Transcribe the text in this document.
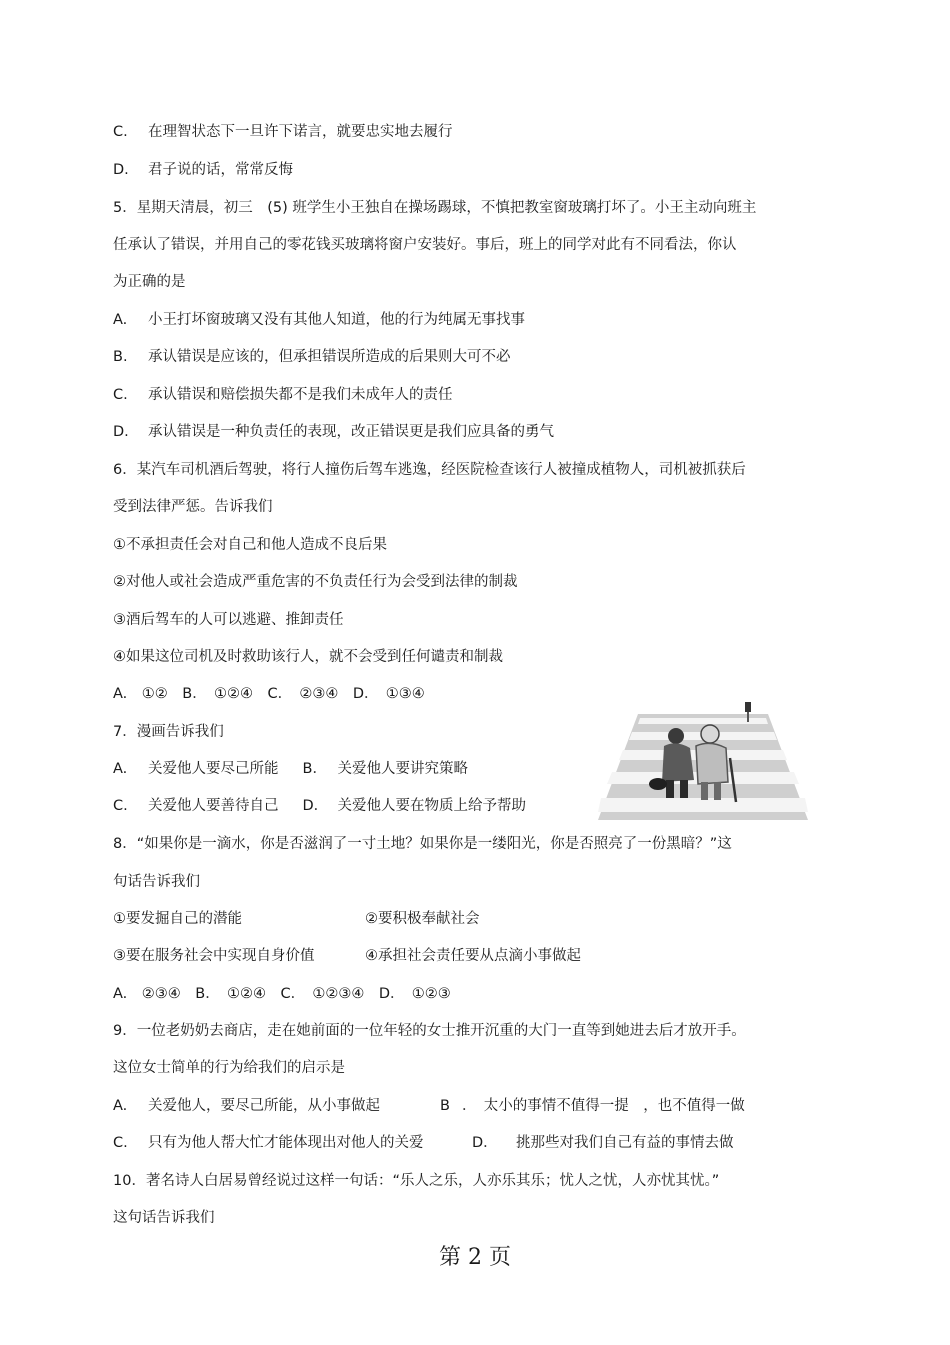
C. 在理智状态下一旦许下诺言，就要忠实地去履行
D. 君子说的话，常常反悔
5．星期天清晨，初三　(5) 班学生小王独自在操场踢球，不慎把教室窗玻璃打坏了。小王主动向班主
任承认了错误，并用自己的零花钱买玻璃将窗户安装好。事后，班上的同学对此有不同看法，你认
为正确的是
A. 小王打坏窗玻璃又没有其他人知道，他的行为纯属无事找事
B. 承认错误是应该的，但承担错误所造成的后果则大可不必
C. 承认错误和赔偿损失都不是我们未成年人的责任
D. 承认错误是一种负责任的表现，改正错误更是我们应具备的勇气
6．某汽车司机酒后驾驶，将行人撞伤后驾车逃逸，经医院检查该行人被撞成植物人，司机被抓获后
受到法律严惩。告诉我们
①不承担责任会对自己和他人造成不良后果
②对他人或社会造成严重危害的不负责任行为会受到法律的制裁
③酒后驾车的人可以逃避、推卸责任
④如果这位司机及时救助该行人，就不会受到任何谴责和制裁
A.　①②　B．　①②④　C．　②③④　D．　①③④
7．漫画告诉我们
A. 关爱他人要尽己所能 B． 关爱他人要讲究策略
C. 关爱他人要善待自己 D． 关爱他人要在物质上给予帮助
8．“如果你是一滴水，你是否滋润了一寸土地？如果你是一缕阳光，你是否照亮了一份黑暗？”这
句话告诉我们
①要发掘自己的潜能	②要积极奉献社会
③要在服务社会中实现自身价值	④承担社会责任要从点滴小事做起
A.　②③④　B．　①②④　C．　①②③④　D．　①②③
9．一位老奶奶去商店，走在她前面的一位年轻的女士推开沉重的大门一直等到她进去后才放开手。
这位女士简单的行为给我们的启示是
A. 关爱他人，要尽己所能，从小事做起	B ．　太小的事情不值得一提　，也不值得一做
C. 只有为他人帮大忙才能体现出对他人的关爱	D． 挑那些对我们自己有益的事情去做
10．著名诗人白居易曾经说过这样一句话：“乐人之乐，人亦乐其乐；忧人之忧，人亦忧其忧。”
这句话告诉我们
第 2 页
